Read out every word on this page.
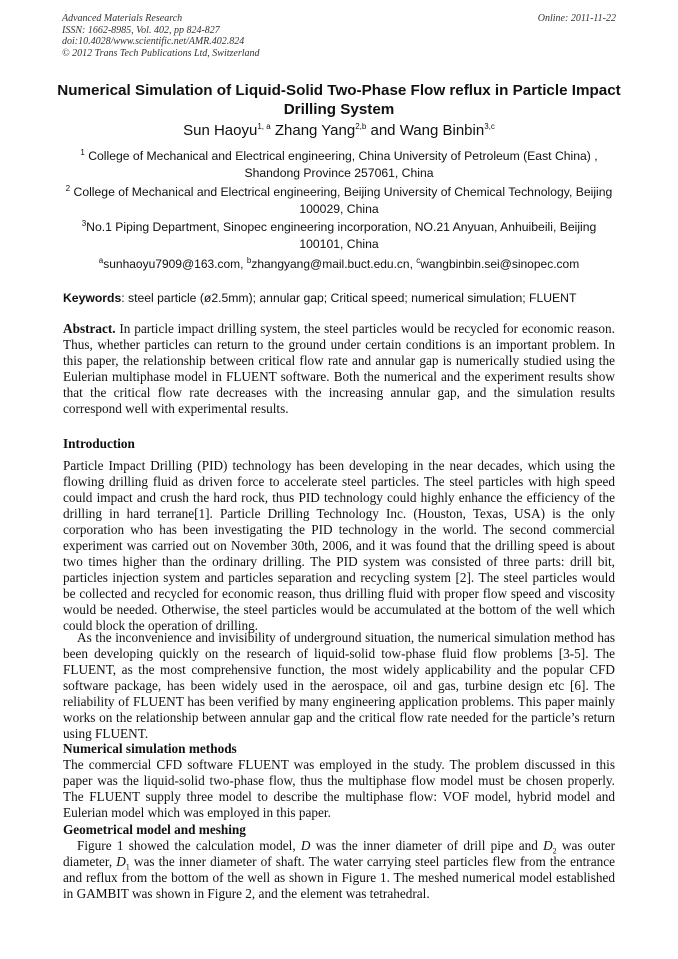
Advanced Materials Research
ISSN: 1662-8985, Vol. 402, pp 824-827
doi:10.4028/www.scientific.net/AMR.402.824
© 2012 Trans Tech Publications Ltd, Switzerland
Online: 2011-11-22
Numerical Simulation of Liquid-Solid Two-Phase Flow reflux in Particle Impact Drilling System
Sun Haoyu$^{1, a}$ Zhang Yang$^{2,b}$ and Wang Binbin$^{3,c}$
$^1$ College of Mechanical and Electrical engineering, China University of Petroleum (East China) , Shandong Province 257061, China
$^2$ College of Mechanical and Electrical engineering, Beijing University of Chemical Technology, Beijing 100029, China
$^3$No.1 Piping Department, Sinopec engineering incorporation, NO.21 Anyuan, Anhuibeili, Beijing 100101, China
$^a$sunhaoyu7909@163.com, $^b$zhangyang@mail.buct.edu.cn, $^c$wangbinbin.sei@sinopec.com
Keywords: steel particle (ø2.5mm); annular gap; Critical speed; numerical simulation; FLUENT
Abstract. In particle impact drilling system, the steel particles would be recycled for economic reason. Thus, whether particles can return to the ground under certain conditions is an important problem. In this paper, the relationship between critical flow rate and annular gap is numerically studied using the Eulerian multiphase model in FLUENT software. Both the numerical and the experiment results show that the critical flow rate decreases with the increasing annular gap, and the simulation results correspond well with experimental results.
Introduction
Particle Impact Drilling (PID) technology has been developing in the near decades, which using the flowing drilling fluid as driven force to accelerate steel particles. The steel particles with high speed could impact and crush the hard rock, thus PID technology could highly enhance the efficiency of the drilling in hard terrane[1]. Particle Drilling Technology Inc. (Houston, Texas, USA) is the only corporation who has been investigating the PID technology in the world. The second commercial experiment was carried out on November 30th, 2006, and it was found that the drilling speed is about two times higher than the ordinary drilling. The PID system was consisted of three parts: drill bit, particles injection system and particles separation and recycling system [2]. The steel particles would be collected and recycled for economic reason, thus drilling fluid with proper flow speed and viscosity would be needed. Otherwise, the steel particles would be accumulated at the bottom of the well which could block the operation of drilling.
As the inconvenience and invisibility of underground situation, the numerical simulation method has been developing quickly on the research of liquid-solid tow-phase fluid flow problems [3-5]. The FLUENT, as the most comprehensive function, the most widely applicability and the popular CFD software package, has been widely used in the aerospace, oil and gas, turbine design etc [6]. The reliability of FLUENT has been verified by many engineering application problems. This paper mainly works on the relationship between annular gap and the critical flow rate needed for the particle’s return using FLUENT.
Numerical simulation methods
The commercial CFD software FLUENT was employed in the study. The problem discussed in this paper was the liquid-solid two-phase flow, thus the multiphase flow model must be chosen properly. The FLUENT supply three model to describe the multiphase flow: VOF model, hybrid model and Eulerian model which was employed in this paper.
Geometrical model and meshing
Figure 1 showed the calculation model, D was the inner diameter of drill pipe and $D_2$ was outer diameter, $D_1$ was the inner diameter of shaft. The water carrying steel particles flew from the entrance and reflux from the bottom of the well as shown in Figure 1. The meshed numerical model established in GAMBIT was shown in Figure 2, and the element was tetrahedral.
